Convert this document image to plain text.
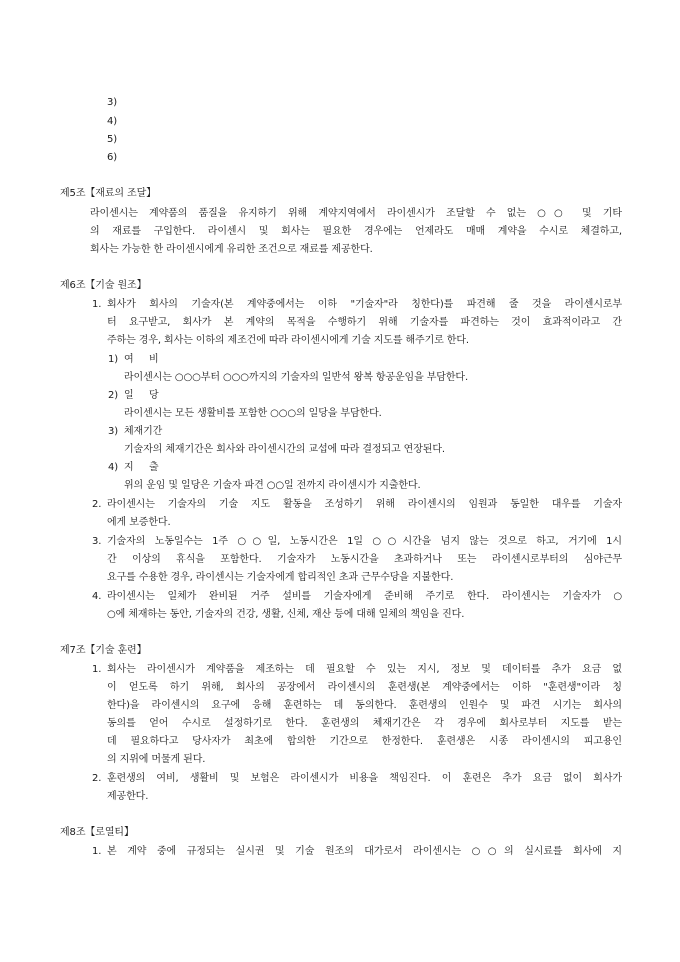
3)
4)
5)
6)
제5조【재료의 조달】
라이센시는 계약품의 품질을 유지하기 위해 계약지역에서 라이센시가 조달할 수 없는 ○○ 및 기타
의 재료를 구입한다. 라이센시 및 회사는 필요한 경우에는 언제라도 매매 계약을 수시로 체결하고,
회사는 가능한 한 라이센시에게 유리한 조건으로 재료를 제공한다.
제6조【기술 원조】
1. 회사가 회사의 기술자(본 계약중에서는 이하 "기술자"라 칭한다)를 파견해 줄 것을 라이센시로부
터 요구받고, 회사가 본 계약의 목적을 수행하기 위해 기술자를 파견하는 것이 효과적이라고 간
주하는 경우, 회사는 이하의 제조건에 따라 라이센시에게 기술 지도를 해주기로 한다.
1) 여     비
라이센시는 ○○○부터 ○○○까지의 기술자의 일반석 왕복 항공운임을 부담한다.
2) 일     당
라이센시는 모든 생활비를 포함한 ○○○의 일당을 부담한다.
3) 체재기간
기술자의 체재기간은 회사와 라이센시간의 교섭에 따라 결정되고 연장된다.
4) 지     출
위의 운임 및 일당은 기술자 파견 ○○일 전까지 라이센시가 지출한다.
2. 라이센시는 기술자의 기술 지도 활동을 조성하기 위해 라이센시의 임원과 동일한 대우를 기술자
에게 보증한다.
3. 기술자의 노동일수는 1주 ○○일, 노동시간은 1일 ○○시간을 넘지 않는 것으로 하고, 거기에 1시
간 이상의 휴식을 포함한다. 기술자가 노동시간을 초과하거나 또는 라이센시로부터의 심야근무
요구를 수용한 경우, 라이센시는 기술자에게 합리적인 초과 근무수당을 지불한다.
4. 라이센시는 일체가 완비된 거주 설비를 기술자에게 준비해 주기로 한다. 라이센시는 기술자가 ○
○에 체재하는 동안, 기술자의 건강, 생활, 신체, 재산 등에 대해 일체의 책임을 진다.
제7조【기술 훈련】
1. 회사는 라이센시가 계약품을 제조하는 데 필요할 수 있는 지시, 정보 및 데이터를 추가 요금 없
이 얻도록 하기 위해, 회사의 공장에서 라이센시의 훈련생(본 계약중에서는 이하 "훈련생"이라 칭
한다)을 라이센시의 요구에 응해 훈련하는 데 동의한다. 훈련생의 인원수 및 파견 시기는 회사의
동의를 얻어 수시로 설정하기로 한다. 훈련생의 체재기간은 각 경우에 회사로부터 지도를 받는
데 필요하다고 당사자가 최초에 합의한 기간으로 한정한다. 훈련생은 시종 라이센시의 피고용인
의 지위에 머물게 된다.
2. 훈련생의 여비, 생활비 및 보험은 라이센시가 비용을 책임진다. 이 훈련은 추가 요금 없이 회사가
제공한다.
제8조【로열티】
1. 본 계약 중에 규정되는 실시권 및 기술 원조의 대가로서 라이센시는 ○○의 실시료를 회사에 지
